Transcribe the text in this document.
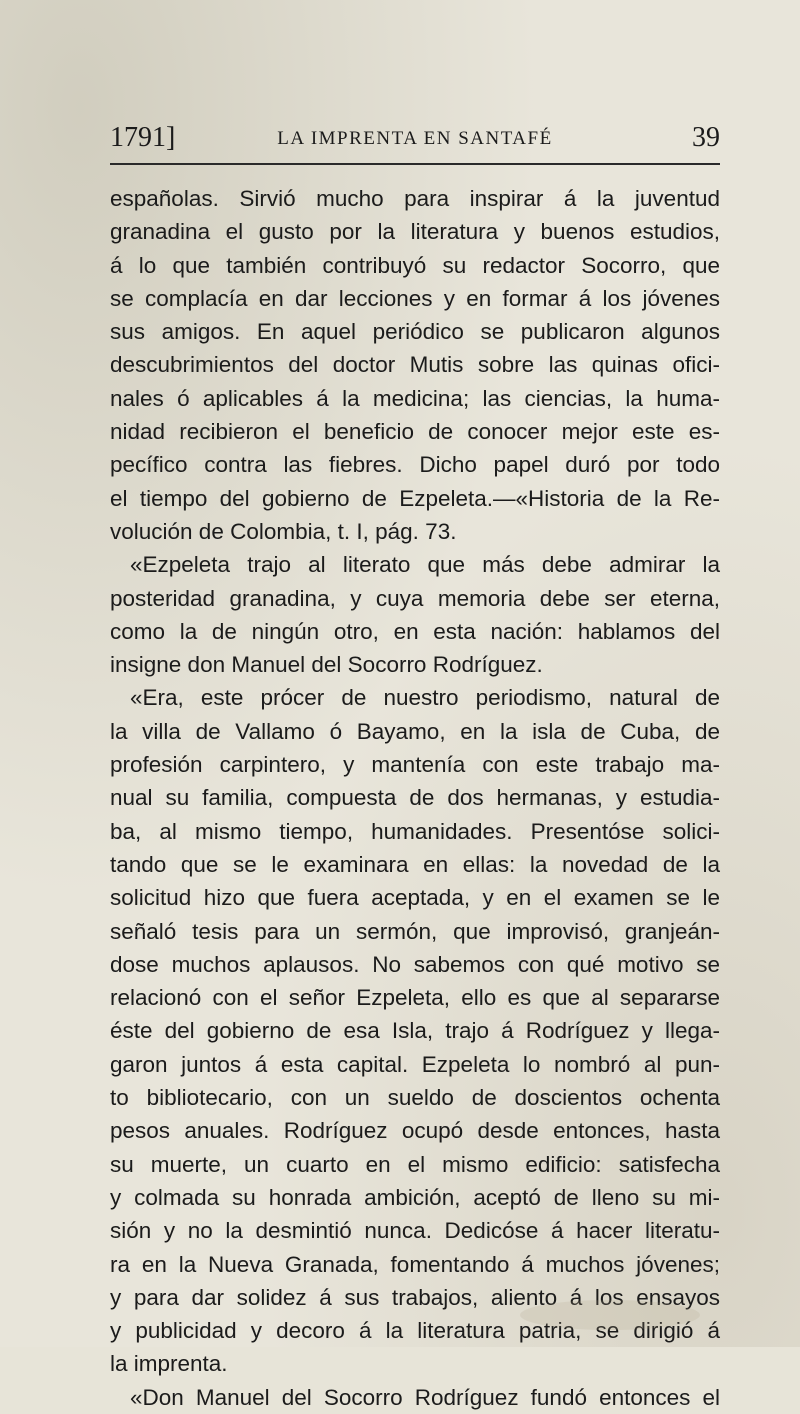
1791]	LA IMPRENTA EN SANTAFÉ	39
españolas. Sirvió mucho para inspirar á la juventud
granadina el gusto por la literatura y buenos estudios,
á lo que también contribuyó su redactor Socorro, que
se complacía en dar lecciones y en formar á los jóvenes
sus amigos. En aquel periódico se publicaron algunos
descubrimientos del doctor Mutis sobre las quinas ofici-
nales ó aplicables á la medicina; las ciencias, la huma-
nidad recibieron el beneficio de conocer mejor este es-
pecífico contra las fiebres. Dicho papel duró por todo
el tiempo del gobierno de Ezpeleta.—«Historia de la Re-
volución de Colombia, t. I, pág. 73.
«Ezpeleta trajo al literato que más debe admirar la
posteridad granadina, y cuya memoria debe ser eterna,
como la de ningún otro, en esta nación: hablamos del
insigne don Manuel del Socorro Rodríguez.
«Era, este prócer de nuestro periodismo, natural de
la villa de Vallamo ó Bayamo, en la isla de Cuba, de
profesión carpintero, y mantenía con este trabajo ma-
nual su familia, compuesta de dos hermanas, y estudia-
ba, al mismo tiempo, humanidades. Presentóse solici-
tando que se le examinara en ellas: la novedad de la
solicitud hizo que fuera aceptada, y en el examen se le
señaló tesis para un sermón, que improvisó, granjeán-
dose muchos aplausos. No sabemos con qué motivo se
relacionó con el señor Ezpeleta, ello es que al separarse
éste del gobierno de esa Isla, trajo á Rodríguez y llega-
garon juntos á esta capital. Ezpeleta lo nombró al pun-
to bibliotecario, con un sueldo de doscientos ochenta
pesos anuales. Rodríguez ocupó desde entonces, hasta
su muerte, un cuarto en el mismo edificio: satisfecha
y colmada su honrada ambición, aceptó de lleno su mi-
sión y no la desmintió nunca. Dedicóse á hacer literatu-
ra en la Nueva Granada, fomentando á muchos jóvenes;
y para dar solidez á sus trabajos, aliento á los ensayos
y publicidad y decoro á la literatura patria, se dirigió á
la imprenta.
«Don Manuel del Socorro Rodríguez fundó entonces el
